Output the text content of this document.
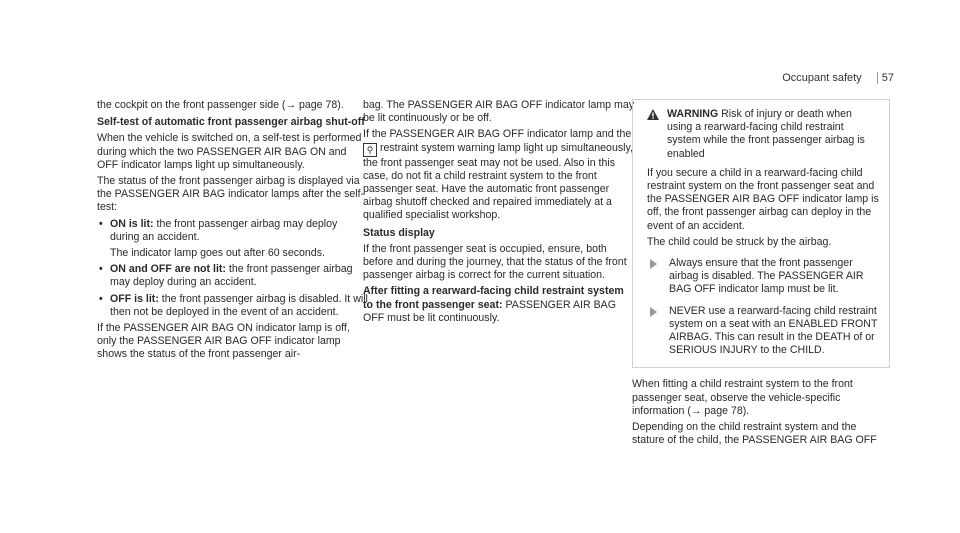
Occupant safety 57

the cockpit on the front passenger side (→ page 78).

Self-test of automatic front passenger airbag shut-off

When the vehicle is switched on, a self-test is performed during which the two PASSENGER AIR BAG ON and OFF indicator lamps light up simultaneously.

The status of the front passenger airbag is displayed via the PASSENGER AIR BAG indicator lamps after the self-test:

• ON is lit: the front passenger airbag may deploy during an accident.
The indicator lamp goes out after 60 seconds.
• ON and OFF are not lit: the front passenger airbag may deploy during an accident.
• OFF is lit: the front passenger airbag is disabled. It will then not be deployed in the event of an accident.

If the PASSENGER AIR BAG ON indicator lamp is off, only the PASSENGER AIR BAG OFF indicator lamp shows the status of the front passenger air-

bag. The PASSENGER AIR BAG OFF indicator lamp may be lit continuously or be off.

If the PASSENGER AIR BAG OFF indicator lamp and the ⚲ restraint system warning lamp light up simultaneously, the front passenger seat may not be used. Also in this case, do not fit a child restraint system to the front passenger seat. Have the automatic front passenger airbag shutoff checked and repaired immediately at a qualified specialist workshop.

Status display

If the front passenger seat is occupied, ensure, both before and during the journey, that the status of the front passenger airbag is correct for the current situation.

After fitting a rearward-facing child restraint system to the front passenger seat: PASSENGER AIR BAG OFF must be lit continuously.

WARNING Risk of injury or death when using a rearward-facing child restraint system while the front passenger airbag is enabled

If you secure a child in a rearward-facing child restraint system on the front passenger seat and the PASSENGER AIR BAG OFF indicator lamp is off, the front passenger airbag can deploy in the event of an accident.

The child could be struck by the airbag.

Always ensure that the front passenger airbag is disabled. The PASSENGER AIR BAG OFF indicator lamp must be lit.
NEVER use a rearward-facing child restraint system on a seat with an ENABLED FRONT AIRBAG. This can result in the DEATH of or SERIOUS INJURY to the CHILD.

When fitting a child restraint system to the front passenger seat, observe the vehicle-specific information (→ page 78).

Depending on the child restraint system and the stature of the child, the PASSENGER AIR BAG OFF
